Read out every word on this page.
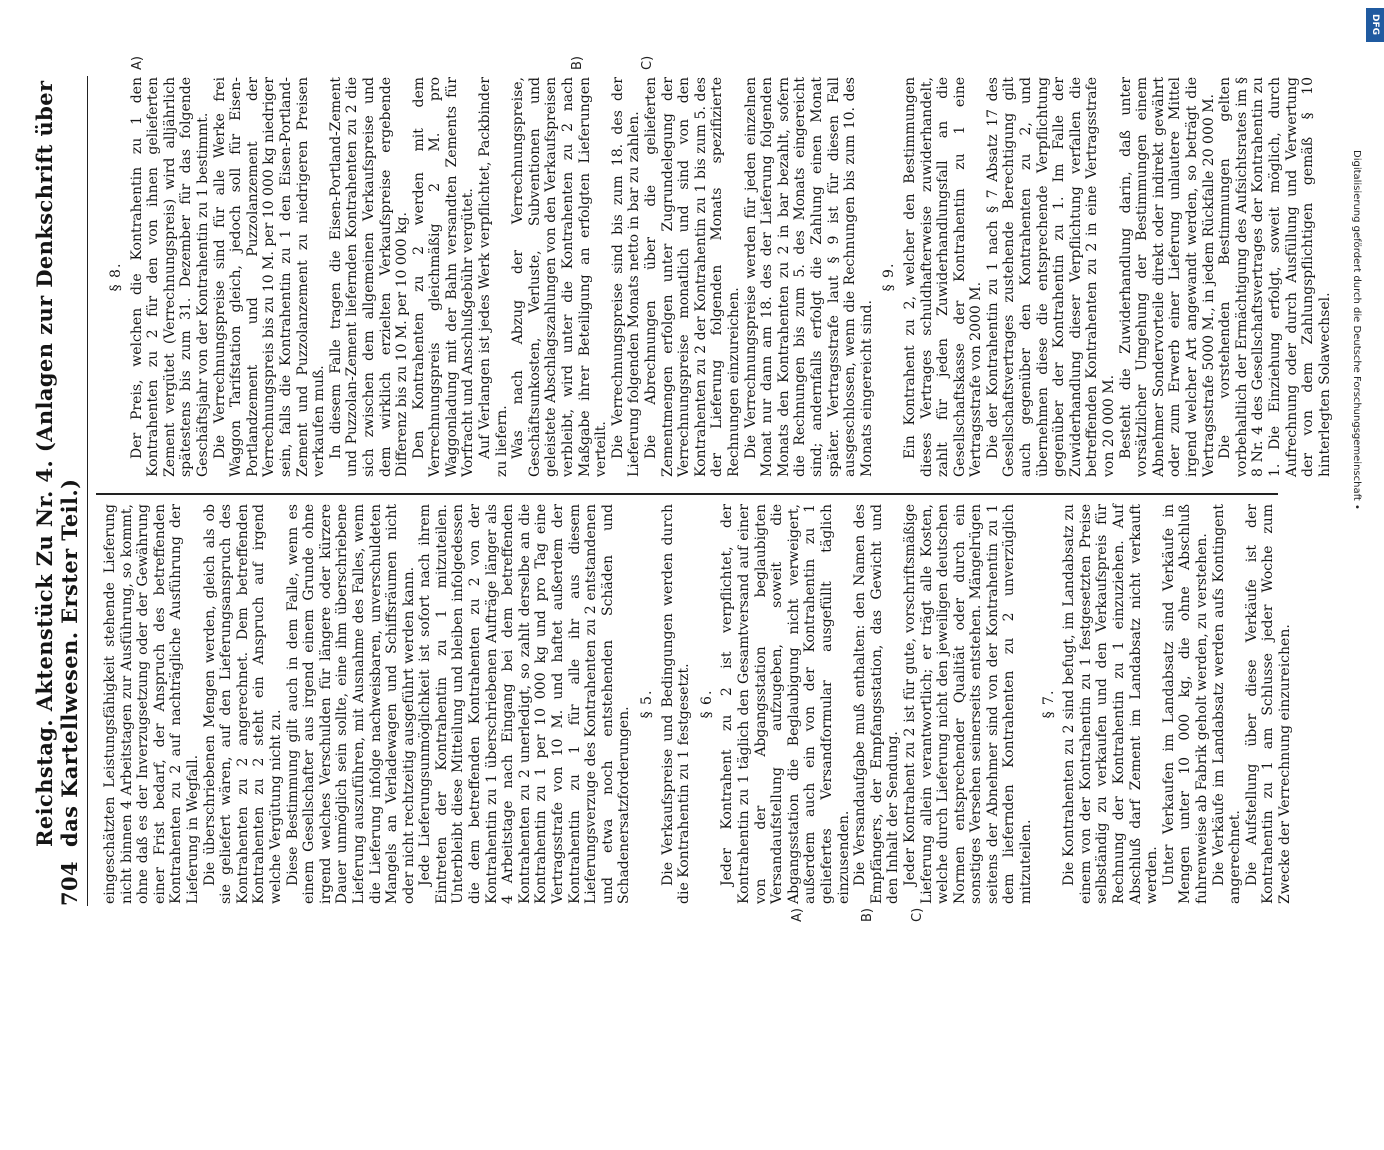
704
Reichstag. Aktenstück Zu Nr. 4. (Anlagen zur Denkschrift über das Kartellwesen. Erster Teil.) eingeschätzten Leistungsfähigkeit stehende Lieferung nicht binnen 4 Arbeitstagen zur Ausführung, so kommt, ohne daß es der Inverzugsetzung oder der Gewährung einer Frist bedarf, der Anspruch des betreffenden Kontrahenten zu 2 auf nachträgliche Ausführung der Lieferung in Wegfall. Die überschriebenen Mengen werden, gleich als ob sie geliefert wären, auf den Lieferungsanspruch des Kontrahenten zu 2 angerechnet. Dem betreffenden Kontrahenten zu 2 steht ein Anspruch auf irgend welche Vergütung nicht zu. Diese Bestimmung gilt auch in dem Falle, wenn es einem Gesellschafter aus irgend einem Grunde ohne irgend welches Verschulden für längere oder kürzere Dauer unmöglich sein sollte, eine ihm überschriebene Lieferung auszuführen, mit Ausnahme des Falles, wenn die Lieferung infolge nachweisbaren, unverschuldeten Mangels an Verladewagen und Schiffsräumen nicht oder nicht rechtzeitig ausgeführt werden kann. Jede Lieferungsunmöglichkeit ist sofort nach ihrem Eintreten der Kontrahentin zu 1 mitzuteilen. Unterbleibt diese Mitteilung und bleiben infolgedessen die dem betreffenden Kontrahenten zu 2 von der Kontrahentin zu 1 überschriebenen Aufträge länger als 4 Arbeitstage nach Eingang bei dem betreffenden Kontrahenten zu 2 unerledigt, so zahlt derselbe an die Kontrahentin zu 1 per 10 000 kg und pro Tag eine Vertragsstrafe von 10 M. und haftet außerdem der Kontrahentin zu 1 für alle ihr aus diesem Lieferungsverzuge des Kontrahenten zu 2 entstandenen und etwa noch entstehenden Schäden und Schadenersatzforderungen.

§ 5. Die Verkaufspreise und Bedingungen werden durch die Kontrahentin zu 1 festgesetzt. § 6. Jeder Kontrahent zu 2 ist verpflichtet, der Kontrahentin zu 1 täglich den Gesamtversand auf einer von der Abgangsstation beglaubigten Versandaufstellung aufzugeben, soweit die Abgangsstation die Beglaubigung nicht verweigert, außerdem auch ein von der Kontrahentin zu 1 geliefertes Versandformular ausgefüllt täglich einzusenden. Die Versandaufgabe muß enthalten: den Namen des Empfängers, der Empfangsstation, das Gewicht und den Inhalt der Sendung. Jeder Kontrahent zu 2 ist für gute, vorschriftsmäßige Lieferung allein verantwortlich; er trägt alle Kosten, welche durch Lieferung nicht den jeweiligen deutschen Normen entsprechender Qualität oder durch ein sonstiges Versehen seinerseits entstehen. Mängelrügen seitens der Abnehmer sind von der Kontrahentin zu 1 dem liefernden Kontrahenten zu 2 unverzüglich mitzuteilen.

§ 7. Die Kontrahenten zu 2 sind befugt, im Landabsatz zu einem von der Kontrahentin zu 1 festgesetzten Preise selbständig zu verkaufen und den Verkaufspreis für Rechnung der Kontrahentin zu 1 einzuziehen. Auf Abschluß darf Zement im Landabsatz nicht verkauft werden. Unter Verkaufen im Landabsatz sind Verkäufe in Mengen unter 10 000 kg, die ohne Abschluß fuhrenweise ab Fabrik geholt werden, zu verstehen. Die Verkäufe im Landabsatz werden aufs Kontingent angerechnet. Die Aufstellung über diese Verkäufe ist der Kontrahentin zu 1 am Schlusse jeder Woche zum Zwecke der Verrechnung einzureichen.

§ 8. Der Preis, welchen die Kontrahentin zu 1 den Kontrahenten zu 2 für den von ihnen gelieferten Zement vergütet (Verrechnungspreis) wird alljährlich spätestens bis zum 31. Dezember für das folgende Geschäftsjahr von der Kontrahentin zu 1 bestimmt. Die Verrechnungspreise sind für alle Werke frei Waggon Tarifstation gleich, jedoch soll für Eisen-Portlandzement und Puzzolanzement der Verrechnungspreis bis zu 10 M. per 10 000 kg niedriger sein, falls die Kontrahentin zu 1 den Eisen-Portland-Zement und Puzzolanzement zu niedrigeren Preisen verkaufen muß. In diesem Falle tragen die Eisen-Portland-Zement und Puzzolan-Zement liefernden Kontrahenten zu 2 die sich zwischen dem allgemeinen Verkaufspreise und dem wirklich erzielten Verkaufspreise ergebende Differenz bis zu 10 M. per 10 000 kg. Den Kontrahenten zu 2 werden mit dem Verrechnungspreis gleichmäßig 2 M. pro Waggonladung mit der Bahn versandten Zements für Vorfracht und Anschlußgebühr vergütet. Auf Verlangen ist jedes Werk verpflichtet, Packbinder zu liefern. Was nach Abzug der Verrechnungspreise, Geschäftsunkosten, Verluste, Subventionen und geleistete Abschlagszahlungen von den Verkaufspreisen verbleibt, wird unter die Kontrahenten zu 2 nach Maßgabe ihrer Beteiligung an erfolgten Lieferungen verteilt. Die Verrechnungspreise sind bis zum 18. des der Lieferung folgenden Monats netto in bar zu zahlen. Die Abrechnungen über die gelieferten Zementmengen erfolgen unter Zugrundelegung der Verrechnungspreise monatlich und sind von den Kontrahenten zu 2 der Kontrahentin zu 1 bis zum 5. des der Lieferung folgenden Monats spezifizierte Rechnungen einzureichen. Die Verrechnungspreise werden für jeden einzelnen Monat nur dann am 18. des der Lieferung folgenden Monats den Kontrahenten zu 2 in bar bezahlt, sofern die Rechnungen bis zum 5. des Monats eingereicht sind; andernfalls erfolgt die Zahlung einen Monat später. Vertragsstrafe laut § 9 ist für diesen Fall ausgeschlossen, wenn die Rechnungen bis zum 10. des Monats eingereicht sind.

§ 9. Ein Kontrahent zu 2, welcher den Bestimmungen dieses Vertrages schuldhafterweise zuwiderhandelt, zahlt für jeden Zuwiderhandlungsfall an die Gesellschaftskasse der Kontrahentin zu 1 eine Vertragsstrafe von 2000 M. Die der Kontrahentin zu 1 nach § 7 Absatz 17 des Gesellschaftsvertrages zustehende Berechtigung gilt auch gegenüber den Kontrahenten zu 2, und übernehmen diese die entsprechende Verpflichtung gegenüber der Kontrahentin zu 1. Im Falle der Zuwiderhandlung dieser Verpflichtung verfallen die betreffenden Kontrahenten zu 2 in eine Vertragsstrafe von 20 000 M. Besteht die Zuwiderhandlung darin, daß unter vorsätzlicher Umgehung der Bestimmungen einem Abnehmer Sondervorteile direkt oder indirekt gewährt oder zum Erwerb einer Lieferung unlautere Mittel irgend welcher Art angewandt werden, so beträgt die Vertragsstrafe 5000 M., in jedem Rückfalle 20 000 M. Die vorstehenden Bestimmungen gelten vorbehaltlich der Ermächtigung des Aufsichtsrates im § 8 Nr. 4 des Gesellschaftsvertrages der Kontrahentin zu 1. Die Einziehung erfolgt, soweit möglich, durch Aufrechnung oder durch Ausfüllung und Verwertung der von dem Zahlungspflichtigen gemäß § 10 hinterlegten Solawechsel.

A)	B)	C)
A)	B)	C)
Digitalisierung gefördert durch die Deutsche Forschungsgemeinschaft •
DFG
